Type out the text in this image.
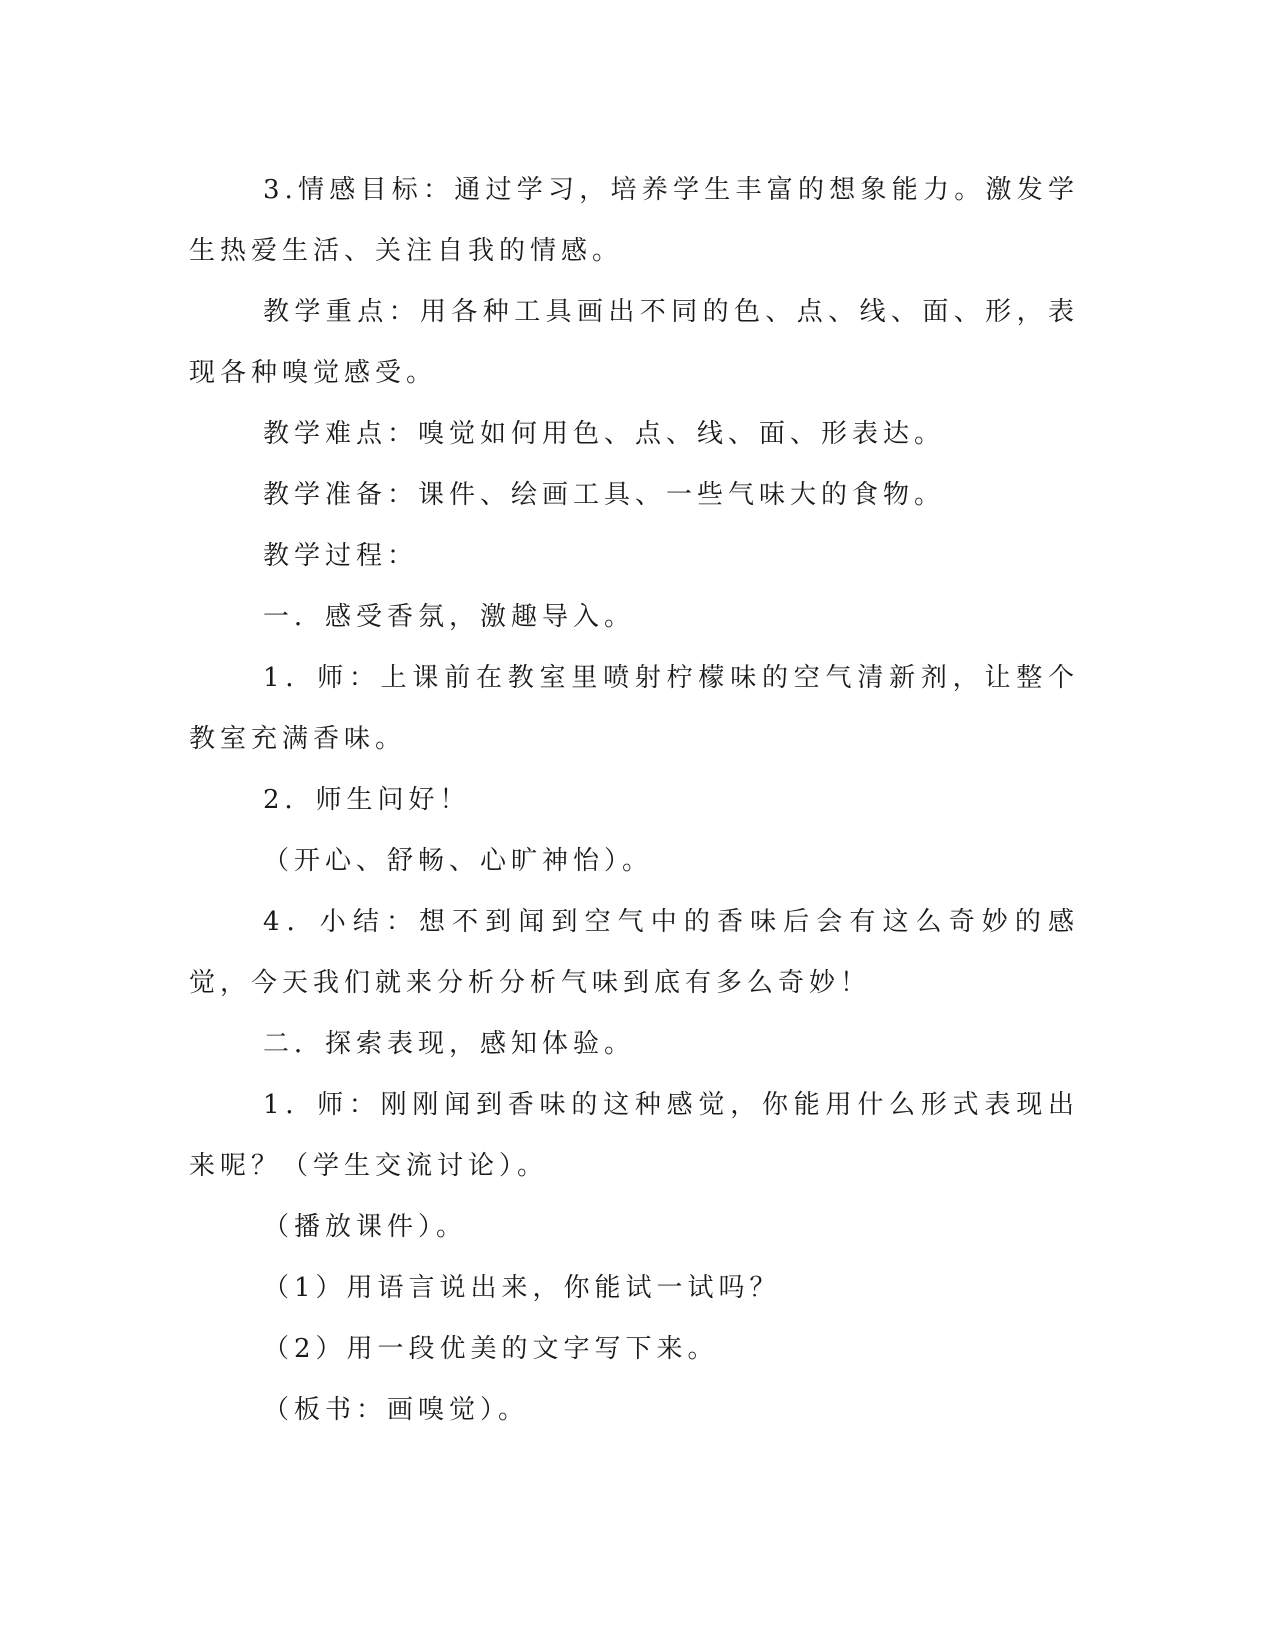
3.情感目标：通过学习，培养学生丰富的想象能力。激发学生热爱生活、关注自我的情感。

教学重点：用各种工具画出不同的色、点、线、面、形，表现各种嗅觉感受。

教学难点：嗅觉如何用色、点、线、面、形表达。

教学准备：课件、绘画工具、一些气味大的食物。

教学过程：

一．感受香氛，激趣导入。

1．师：上课前在教室里喷射柠檬味的空气清新剂，让整个教室充满香味。

2．师生问好！

（开心、舒畅、心旷神怡）。

4．小结：想不到闻到空气中的香味后会有这么奇妙的感觉，今天我们就来分析分析气味到底有多么奇妙！

二．探索表现，感知体验。

1．师：刚刚闻到香味的这种感觉，你能用什么形式表现出来呢？（学生交流讨论）。

（播放课件）。

（1）用语言说出来，你能试一试吗？

（2）用一段优美的文字写下来。

（板书：画嗅觉）。
